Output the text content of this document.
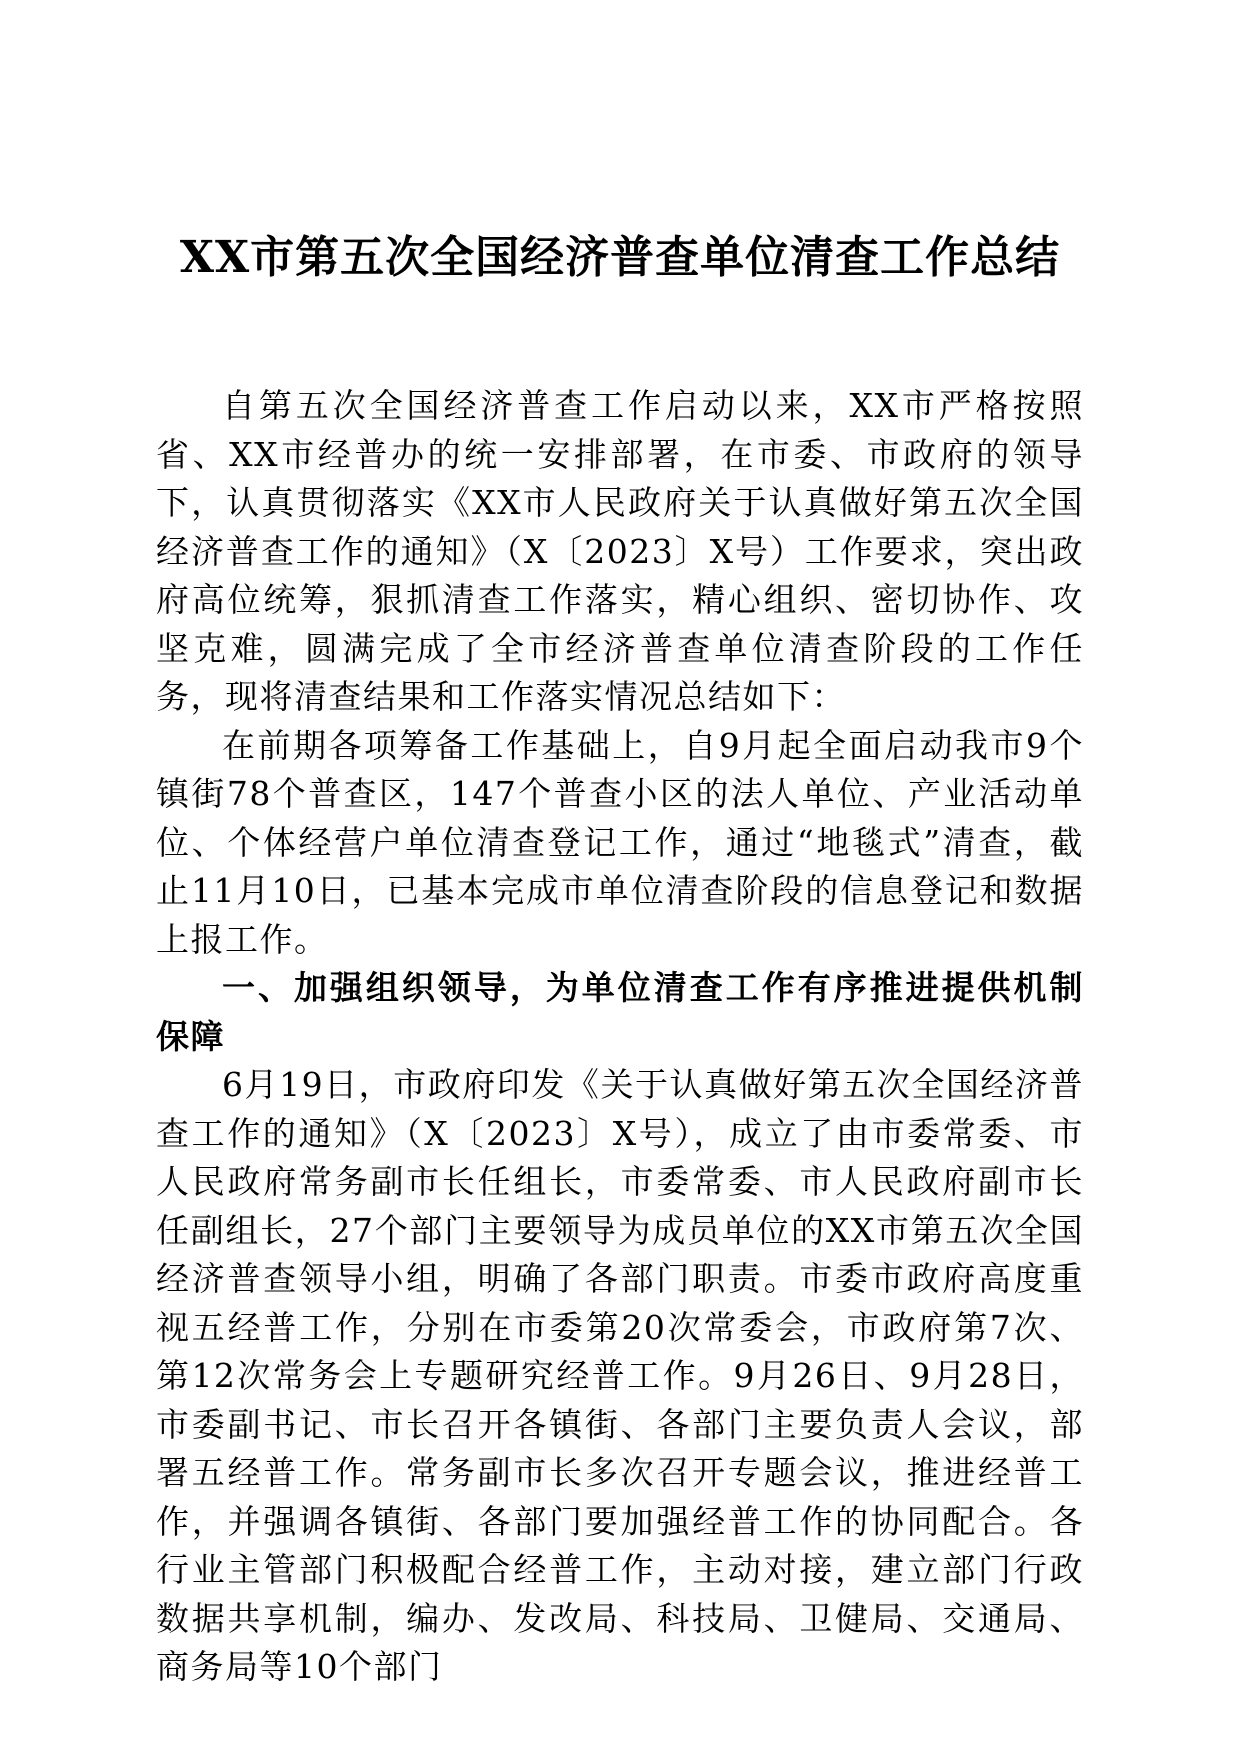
XX市第五次全国经济普查单位清查工作总结

自第五次全国经济普查工作启动以来，XX市严格按照省、XX市经普办的统一安排部署，在市委、市政府的领导下，认真贯彻落实《XX市人民政府关于认真做好第五次全国经济普查工作的通知》（X〔2023〕X号）工作要求，突出政府高位统筹，狠抓清查工作落实，精心组织、密切协作、攻坚克难，圆满完成了全市经济普查单位清查阶段的工作任务，现将清查结果和工作落实情况总结如下：

在前期各项筹备工作基础上，自9月起全面启动我市9个镇街78个普查区，147个普查小区的法人单位、产业活动单位、个体经营户单位清查登记工作，通过“地毯式”清查，截止11月10日，已基本完成市单位清查阶段的信息登记和数据上报工作。

一、加强组织领导，为单位清查工作有序推进提供机制保障

6月19日，市政府印发《关于认真做好第五次全国经济普查工作的通知》（X〔2023〕X号），成立了由市委常委、市人民政府常务副市长任组长，市委常委、市人民政府副市长任副组长，27个部门主要领导为成员单位的XX市第五次全国经济普查领导小组，明确了各部门职责。市委市政府高度重视五经普工作，分别在市委第20次常委会，市政府第7次、第12次常务会上专题研究经普工作。9月26日、9月28日，市委副书记、市长召开各镇街、各部门主要负责人会议，部署五经普工作。常务副市长多次召开专题会议，推进经普工作，并强调各镇街、各部门要加强经普工作的协同配合。各行业主管部门积极配合经普工作，主动对接，建立部门行政数据共享机制，编办、发改局、科技局、卫健局、交通局、商务局等10个部门
